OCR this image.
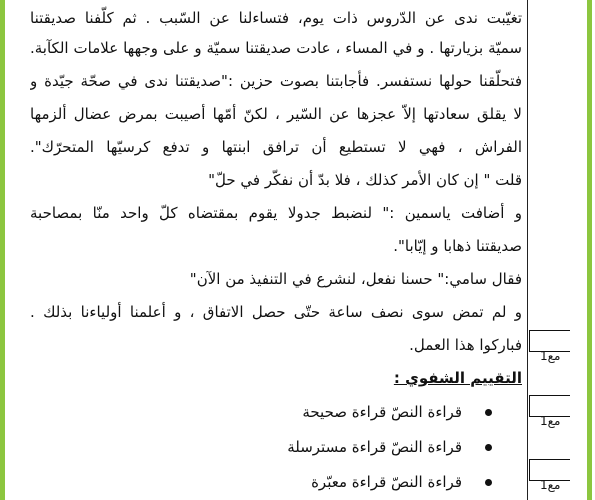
تغيّبت ندى عن الدّروس ذات يوم، فتساءلنا عن السّبب . ثم كلّفنا صديقتنا
سميّة بزيارتها . و في المساء ، عادت صديقتنا سميّة و على وجهها علامات الكآبة.
فتحلّقنا حولها نستفسر. فأجابتنا بصوت حزين :"صديقتنا ندى في صحّة جيّدة و
لا يقلق سعادتها إلاّ عجزها عن السّير ، لكنّ أمّها أصيبت بمرض عضال ألزمها
الفراش ، فهي لا تستطيع أن ترافق ابنتها و تدفع كرسيّها المتحرّك".
قلت " إن كان الأمر كذلك ، فلا بدّ أن نفكّر في حلّ"
و أضافت ياسمين :" لنضبط جدولا يقوم بمقتضاه كلّ واحد منّا بمصاحبة
صديقتنا ذهابا و إيّابا".
فقال سامي:" حسنا نفعل، لنشرع في التنفيذ من الآن"
و لم تمض سوى نصف ساعة حتّى حصل الاتفاق ، و أعلمنا أولياءنا بذلك .
فباركوا هذا العمل.
التقييم الشفوي :
قراءة النصّ قراءة صحيحة
قراءة النصّ قراءة مسترسلة
قراءة النصّ قراءة معبّرة
مع1
مع1
مع1
